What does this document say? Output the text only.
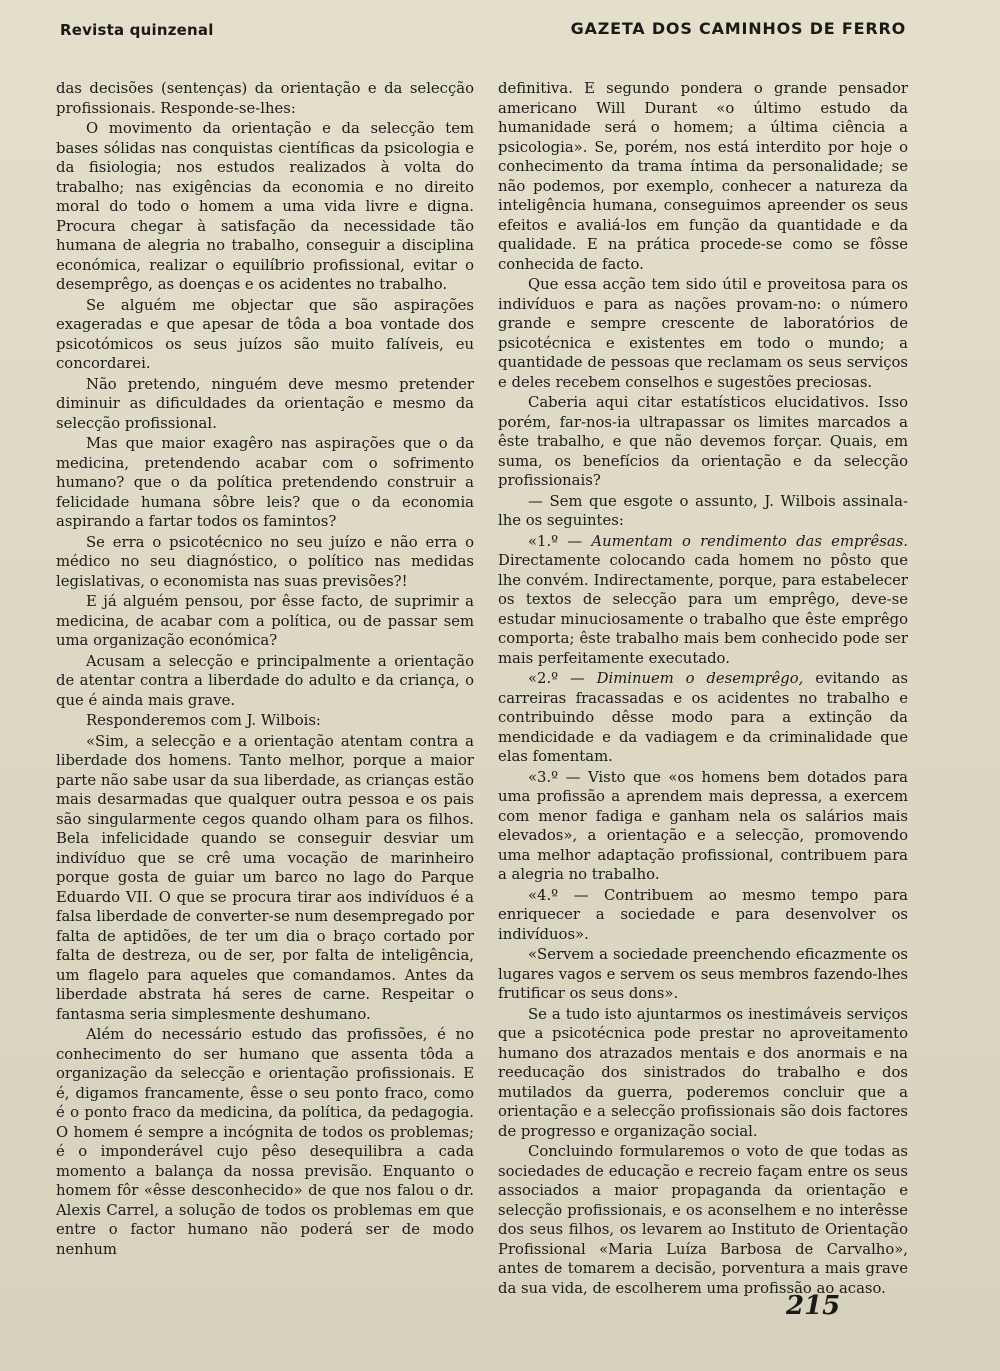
Revista quinzenal	GAZETA DOS CAMINHOS DE FERRO

das decisões (sentenças) da orientação e da selecção profissionais. Responde-se-lhes:

O movimento da orientação e da selecção tem bases sólidas nas conquistas científicas da psicologia e da fisiologia; nos estudos realizados à volta do trabalho; nas exigências da economia e no direito moral do todo o homem a uma vida livre e digna. Procura chegar à satisfação da necessidade tão humana de alegria no trabalho, conseguir a disciplina económica, realizar o equilíbrio profissional, evitar o desemprêgo, as doenças e os acidentes no trabalho.

Se alguém me objectar que são aspirações exageradas e que apesar de tôda a boa vontade dos psicotómicos os seus juízos são muito falíveis, eu concordarei.

Não pretendo, ninguém deve mesmo pretender diminuir as dificuldades da orientação e mesmo da selecção profissional.

Mas que maior exagêro nas aspirações que o da medicina, pretendendo acabar com o sofrimento humano? que o da política pretendendo construir a felicidade humana sôbre leis? que o da economia aspirando a fartar todos os famintos?

Se erra o psicotécnico no seu juízo e não erra o médico no seu diagnóstico, o político nas medidas legislativas, o economista nas suas previsões?!

E já alguém pensou, por êsse facto, de suprimir a medicina, de acabar com a política, ou de passar sem uma organização económica?

Acusam a selecção e principalmente a orientação de atentar contra a liberdade do adulto e da criança, o que é ainda mais grave.

Responderemos com J. Wilbois:

«Sim, a selecção e a orientação atentam contra a liberdade dos homens. Tanto melhor, porque a maior parte não sabe usar da sua liberdade, as crianças estão mais desarmadas que qualquer outra pessoa e os pais são singularmente cegos quando olham para os filhos. Bela infelicidade quando se conseguir desviar um indivíduo que se crê uma vocação de marinheiro porque gosta de guiar um barco no lago do Parque Eduardo VII. O que se procura tirar aos indivíduos é a falsa liberdade de converter-se num desempregado por falta de aptidões, de ter um dia o braço cortado por falta de destreza, ou de ser, por falta de inteligência, um flagelo para aqueles que comandamos. Antes da liberdade abstrata há seres de carne. Respeitar o fantasma seria simplesmente deshumano.

Além do necessário estudo das profissões, é no conhecimento do ser humano que assenta tôda a organização da selecção e orientação profissionais. E é, digamos francamente, êsse o seu ponto fraco, como é o ponto fraco da medicina, da política, da pedagogia. O homem é sempre a incógnita de todos os problemas; é o imponderável cujo pêso desequilibra a cada momento a balança da nossa previsão. Enquanto o homem fôr «êsse desconhecido» de que nos falou o dr. Alexis Carrel, a solução de todos os problemas em que entre o factor humano não poderá ser de modo nenhum

definitiva. E segundo pondera o grande pensador americano Will Durant «o último estudo da humanidade será o homem; a última ciência a psicologia». Se, porém, nos está interdito por hoje o conhecimento da trama íntima da personalidade; se não podemos, por exemplo, conhecer a natureza da inteligência humana, conseguimos apreender os seus efeitos e avaliá-los em função da quantidade e da qualidade. E na prática procede-se como se fôsse conhecida de facto.

Que essa acção tem sido útil e proveitosa para os indivíduos e para as nações provam-no: o número grande e sempre crescente de laboratórios de psicotécnica e existentes em todo o mundo; a quantidade de pessoas que reclamam os seus serviços e deles recebem conselhos e sugestões preciosas.

Caberia aqui citar estatísticos elucidativos. Isso porém, far-nos-ia ultrapassar os limites marcados a êste trabalho, e que não devemos forçar. Quais, em suma, os benefícios da orientação e da selecção profissionais?

— Sem que esgote o assunto, J. Wilbois assinala-lhe os seguintes:

«1.º — Aumentam o rendimento das emprêsas. Directamente colocando cada homem no pôsto que lhe convém. Indirectamente, porque, para estabelecer os textos de selecção para um emprêgo, deve-se estudar minuciosamente o trabalho que êste emprêgo comporta; êste trabalho mais bem conhecido pode ser mais perfeitamente executado.

«2.º — Diminuem o desemprêgo, evitando as carreiras fracassadas e os acidentes no trabalho e contribuindo dêsse modo para a extinção da mendicidade e da vadiagem e da criminalidade que elas fomentam.

«3.º — Visto que «os homens bem dotados para uma profissão a aprendem mais depressa, a exercem com menor fadiga e ganham nela os salários mais elevados», a orientação e a selecção, promovendo uma melhor adaptação profissional, contribuem para a alegria no trabalho.

«4.º — Contribuem ao mesmo tempo para enriquecer a sociedade e para desenvolver os indivíduos».

«Servem a sociedade preenchendo eficazmente os lugares vagos e servem os seus membros fazendo-lhes frutificar os seus dons».

Se a tudo isto ajuntarmos os inestimáveis serviços que a psicotécnica pode prestar no aproveitamento humano dos atrazados mentais e dos anormais e na reeducação dos sinistrados do trabalho e dos mutilados da guerra, poderemos concluir que a orientação e a selecção profissionais são dois factores de progresso e organização social.

Concluindo formularemos o voto de que todas as sociedades de educação e recreio façam entre os seus associados a maior propaganda da orientação e selecção profissionais, e os aconselhem e no interêsse dos seus filhos, os levarem ao Instituto de Orientação Profissional «Maria Luíza Barbosa de Carvalho», antes de tomarem a decisão, porventura a mais grave da sua vida, de escolherem uma profissão ao acaso.

215
